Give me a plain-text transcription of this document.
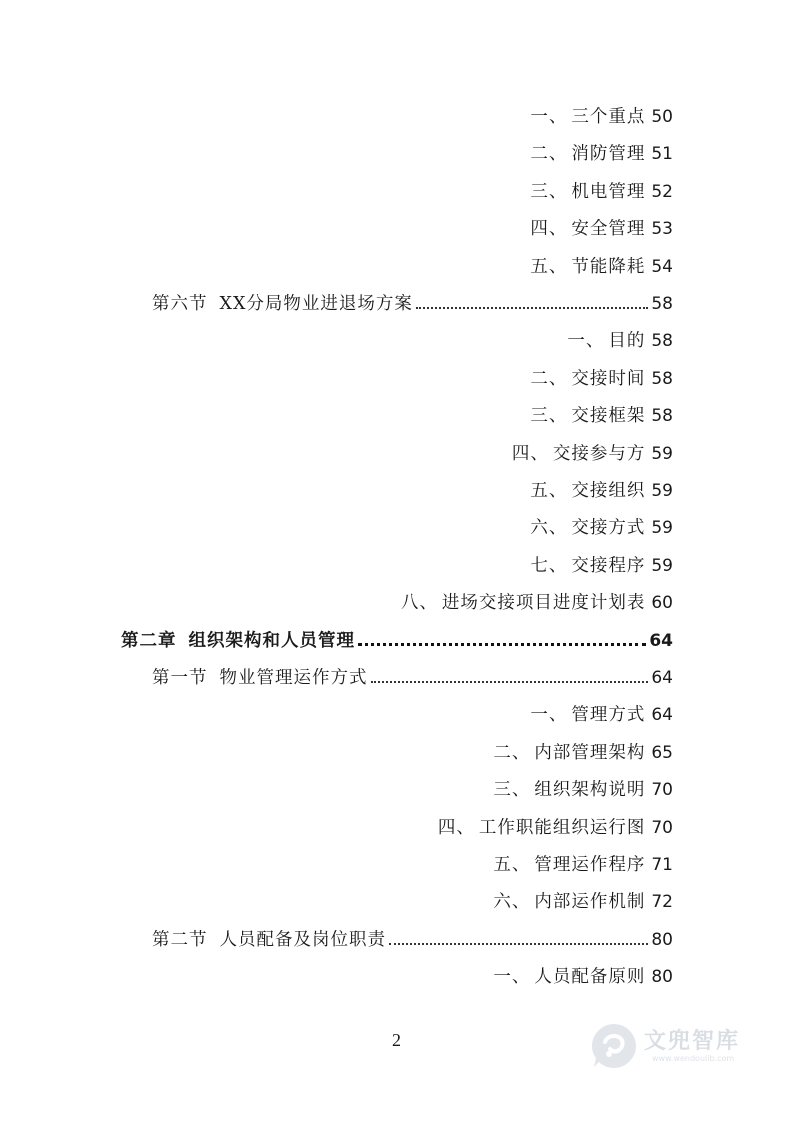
一、 三个重点 50
二、 消防管理 51
三、 机电管理 52
四、 安全管理 53
五、 节能降耗 54
第六节 XX分局物业进退场方案	58
一、 目的 58
二、 交接时间 58
三、 交接框架 58
四、 交接参与方 59
五、 交接组织 59
六、 交接方式 59
七、 交接程序 59
八、 进场交接项目进度计划表 60
第二章 组织架构和人员管理	64
第一节 物业管理运作方式	64
一、 管理方式 64
二、 内部管理架构 65
三、 组织架构说明 70
四、 工作职能组织运行图 70
五、 管理运作程序 71
六、 内部运作机制 72
第二节 人员配备及岗位职责	80
一、 人员配备原则 80
2	文兜智库
www.wendoulib.com
